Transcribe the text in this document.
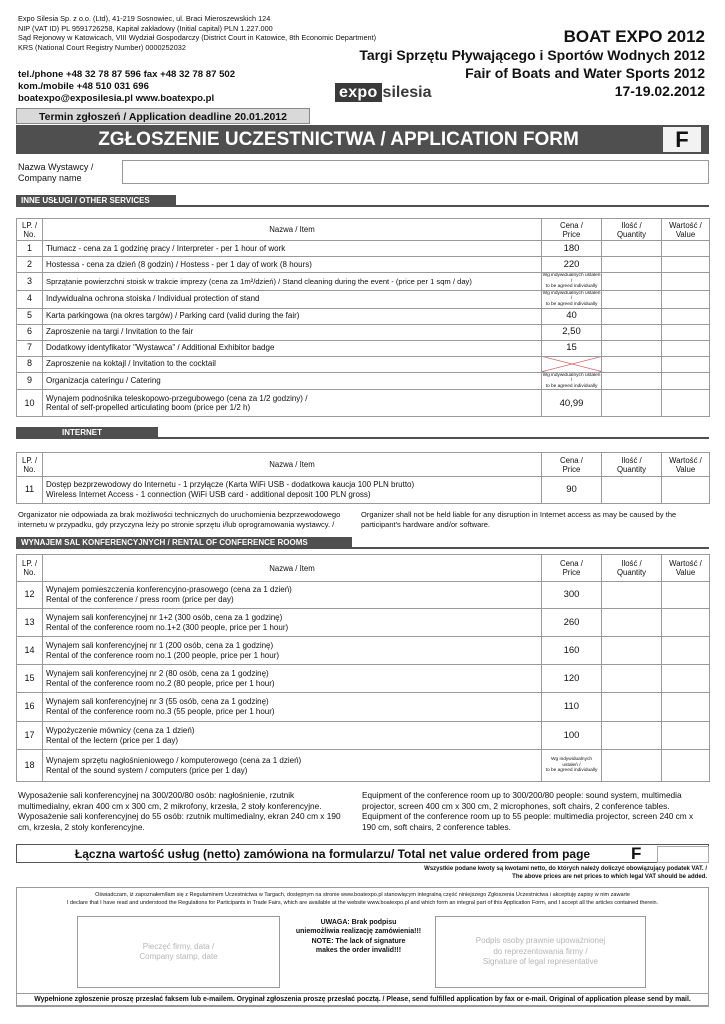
Expo Silesia Sp. z o.o. (Ltd), 41-219 Sosnowiec, ul. Braci Mieroszewskich 124
NIP (VAT ID) PL 9591726258, Kapitał zakładowy (Initial capital) PLN 1.227.000
Sąd Rejonowy w Katowicach, VIII Wydział Gospodarczy (District Court in Katowice, 8th Economic Department)
KRS (National Court Registry Number) 0000252032
tel./phone +48 32 78 87 596 fax +48 32 78 87 502
kom./mobile +48 510 031 696
boatexpo@exposilesia.pl www.boatexpo.pl
BOAT EXPO 2012
Targi Sprzętu Pływającego i Sportów Wodnych 2012
Fair of Boats and Water Sports 2012
17-19.02.2012
expo silesia
Termin zgłoszeń / Application deadline 20.01.2012
ZGŁOSZENIE UCZESTNICTWA / APPLICATION FORM	F
Nazwa Wystawcy /
Company name
INNE USŁUGI / OTHER SERVICES
LP. /
No.	Nazwa / Item	Cena /
Price	Ilość /
Quantity	Wartość /
Value
1	Tłumacz - cena za 1 godzinę pracy / Interpreter - per 1 hour of work	180		
2	Hostessa - cena za dzień (8 godzin) / Hostess - per 1 day of work (8 hours)	220		
3	Sprzątanie powierzchni stoisk w trakcie imprezy (cena za 1m²/dzień) / Stand cleaning during the event - (price per 1 sqm / day)	Wg indywidualnych ustaleń /
to be agreed individually		
4	Indywidualna ochrona stoiska / Individual protection of stand	Wg indywidualnych ustaleń /
to be agreed individually		
5	Karta parkingowa (na okres targów) / Parking card (valid during the fair)	40		
6	Zaproszenie na targi / Invitation to the fair	2,50		
7	Dodatkowy identyfikator "Wystawca" / Additional Exhibitor badge	15		
8	Zaproszenie na koktajl / Invitation to the cocktail			
9	Organizacja cateringu / Catering	Wg indywidualnych ustaleń /
to be agreed individually		
10	Wynajem podnośnika teleskopowo-przegubowego (cena za 1/2 godziny) /
Rental of self-propelled articulating boom (price per 1/2 h)	40,99		
INTERNET
LP. /
No.	Nazwa / Item	Cena /
Price	Ilość /
Quantity	Wartość /
Value
11	Dostęp bezprzewodowy do Internetu - 1 przyłącze (Karta WiFi USB - dodatkowa kaucja 100 PLN brutto)
Wireless Internet Access - 1 connection (WiFi USB card - additional deposit 100 PLN gross)	90		
Organizator nie odpowiada za brak możliwości technicznych do uruchomienia bezprzewodowego internetu w przypadku, gdy przyczyna leży po stronie sprzętu i/lub oprogramowania wystawcy. /
Organizer shall not be held liable for any disruption in Internet access as may be caused by the participant's hardware and/or software.
WYNAJEM SAL KONFERENCYJNYCH / RENTAL OF CONFERENCE ROOMS
LP. /
No.	Nazwa / Item	Cena /
Price	Ilość /
Quantity	Wartość /
Value
12	Wynajem pomieszczenia konferencyjno-prasowego (cena za 1 dzień)
Rental of the conference / press room (price per day)	300		
13	Wynajem sali konferencyjnej nr 1+2 (300 osób, cena za 1 godzinę)
Rental of the conference room no.1+2 (300 people, price per 1 hour)	260		
14	Wynajem sali konferencyjnej nr 1 (200 osób, cena za 1 godzinę)
Rental of the conference room no.1 (200 people, price per 1 hour)	160		
15	Wynajem sali konferencyjnej nr 2 (80 osób, cena za 1 godzinę)
Rental of the conference room no.2 (80 people, price per 1 hour)	120		
16	Wynajem sali konferencyjnej nr 3 (55 osób, cena za 1 godzinę)
Rental of the conference room no.3 (55 people, price per 1 hour)	110		
17	Wypożyczenie mównicy (cena za 1 dzień)
Rental of the lectern (price per 1 day)	100		
18	Wynajem sprzętu nagłośnieniowego / komputerowego (cena za 1 dzień)
Rental of the sound system / computers (price per 1 day)	Wg indywidualnych
ustaleń /
to be agreed individually		
Wyposażenie sali konferencyjnej na 300/200/80 osób: nagłośnienie, rzutnik multimedialny, ekran 400 cm x 300 cm, 2 mikrofony, krzesła, 2 stoły konferencyjne. Wyposażenie sali konferencyjnej do 55 osób: rzutnik multimedialny, ekran 240 cm x 190 cm, krzesła, 2 stoły konferencyjne.
Equipment of the conference room up to 300/200/80 people: sound system, multimedia projector, screen 400 cm x 300 cm, 2 microphones, soft chairs, 2 conference tables. Equipment of the conference room up to 55 people: multimedia projector, screen 240 cm x 190 cm, soft chairs, 2 conference tables.
Łączna wartość usług (netto) zamówiona na formularzu/ Total net value ordered from page	F
Wszystkie podane kwoty są kwotami netto, do których należy doliczyć obowiązujący podatek VAT. /
The above prices are net prices to which legal VAT should be added.
Oświadczam, iż zapoznałem/łam się z Regulaminem Uczestnictwa w Targach, dostępnym na stronie www.boatexpo.pl stanowiącym integralną część niniejszego Zgłoszenia Uczestnictwa i akceptuję zapisy w nim zawarte
I declare that I have read and understood the Regulations for Participants in Trade Fairs, which are available at the website www.boatexpo.pl and which form an integral part of this Application Form, and I accept all the articles contained therein.
Pieczęć firmy, data /
Company stamp, date
UWAGA: Brak podpisu
uniemożliwia realizację zamówienia!!!
NOTE: The lack of signature
makes the order invalid!!!
Podpis osoby prawnie upoważnionej
do reprezentowania firmy /
Signature of legal representative
Wypełnione zgłoszenie proszę przesłać faksem lub e-mailem. Oryginał zgłoszenia proszę przesłać pocztą. / Please, send fulfilled application by fax or e-mail. Original of application please send by mail.
